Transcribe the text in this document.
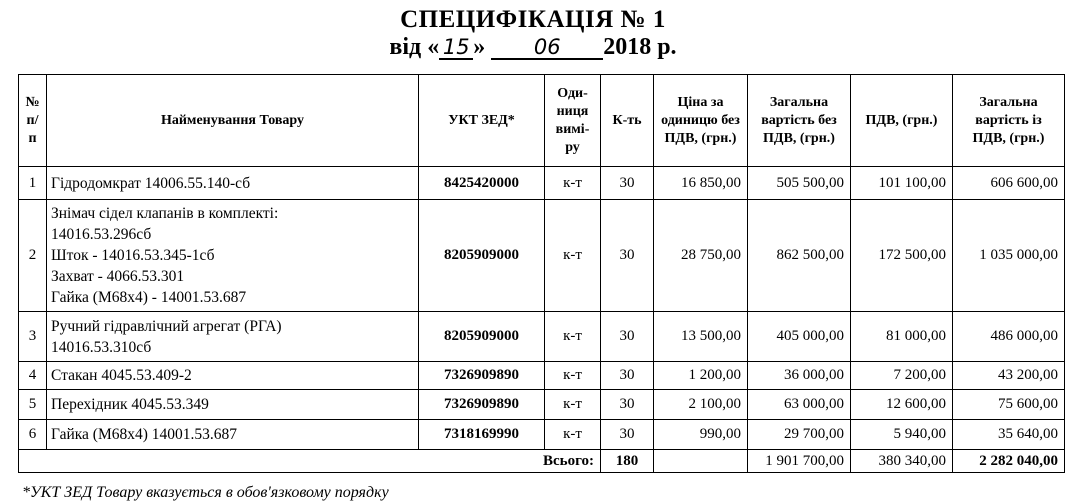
СПЕЦИФІКАЦІЯ № 1
від « 15 » 06 2018 р.
№ п/п	Найменування Товару	УКТ ЗЕД*	Оди-ниця вимі-ру	К-ть	Ціна за одиницю без ПДВ, (грн.)	Загальна вартість без ПДВ, (грн.)	ПДВ, (грн.)	Загальна вартість із ПДВ, (грн.)
1	Гідродомкрат 14006.55.140-сб	8425420000	к-т	30	16 850,00	505 500,00	101 100,00	606 600,00
2	Знімач сідел клапанів в комплекті:
14016.53.296сб
Шток - 14016.53.345-1сб
Захват - 4066.53.301
Гайка (М68х4) - 14001.53.687	8205909000	к-т	30	28 750,00	862 500,00	172 500,00	1 035 000,00
3	Ручний гідравлічний агрегат (РГА)
14016.53.310сб	8205909000	к-т	30	13 500,00	405 000,00	81 000,00	486 000,00
4	Стакан 4045.53.409-2	7326909890	к-т	30	1 200,00	36 000,00	7 200,00	43 200,00
5	Перехідник 4045.53.349	7326909890	к-т	30	2 100,00	63 000,00	12 600,00	75 600,00
6	Гайка (М68х4) 14001.53.687	7318169990	к-т	30	990,00	29 700,00	5 940,00	35 640,00
Всього:				180		1 901 700,00	380 340,00	2 282 040,00
*УКТ ЗЕД Товару вказується в обов'язковому порядку
